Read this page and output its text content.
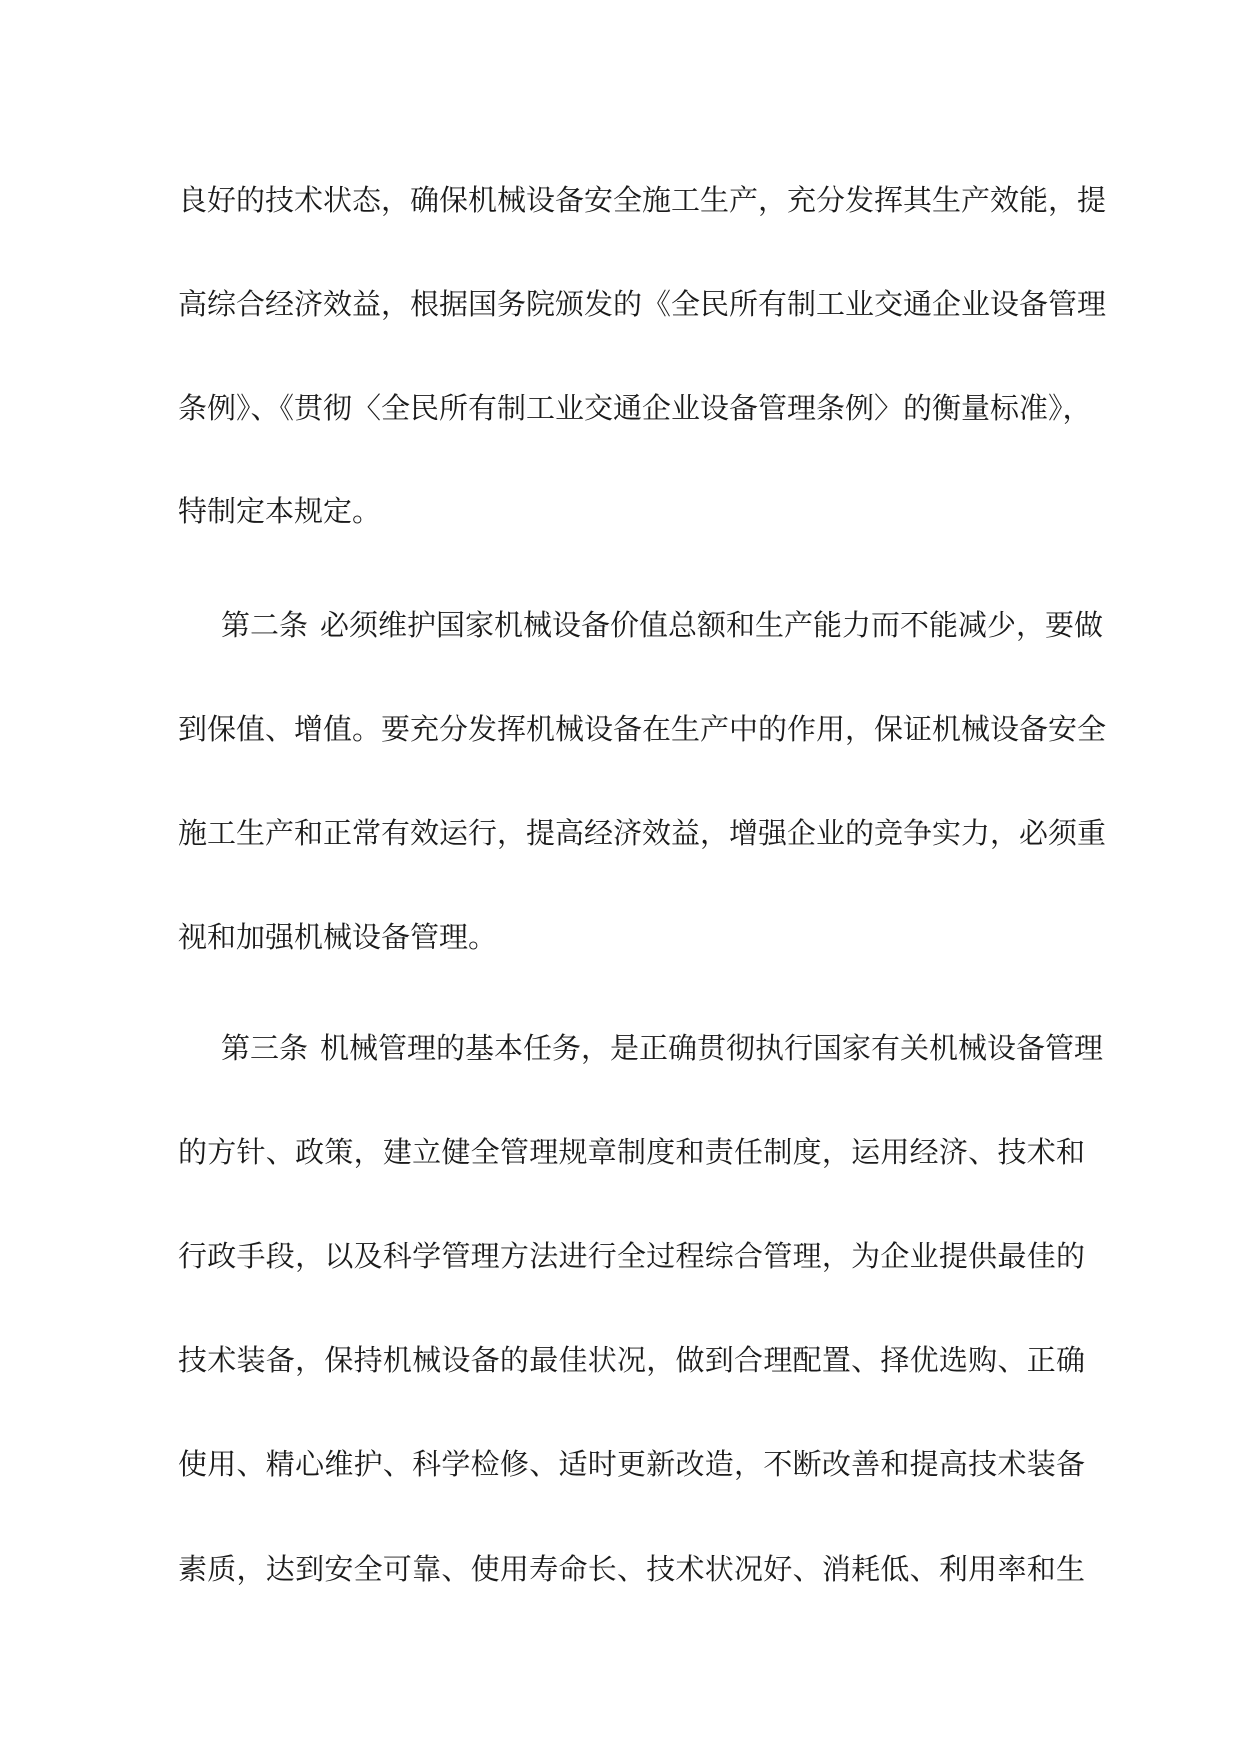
良好的技术状态，确保机械设备安全施工生产，充分发挥其生产效能，提
高综合经济效益，根据国务院颁发的《全民所有制工业交通企业设备管理
条例》、《贯彻〈全民所有制工业交通企业设备管理条例〉的衡量标准》，
特制定本规定。
第二条 必须维护国家机械设备价值总额和生产能力而不能减少，要做
到保值、增值。要充分发挥机械设备在生产中的作用，保证机械设备安全
施工生产和正常有效运行，提高经济效益，增强企业的竞争实力，必须重
视和加强机械设备管理。
第三条 机械管理的基本任务，是正确贯彻执行国家有关机械设备管理
的方针、政策，建立健全管理规章制度和责任制度，运用经济、技术和
行政手段，以及科学管理方法进行全过程综合管理，为企业提供最佳的
技术装备，保持机械设备的最佳状况，做到合理配置、择优选购、正确
使用、精心维护、科学检修、适时更新改造，不断改善和提高技术装备
素质，达到安全可靠、使用寿命长、技术状况好、消耗低、利用率和生
